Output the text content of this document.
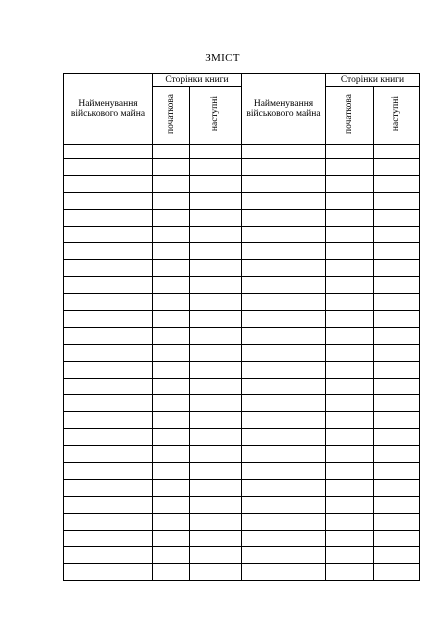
ЗМІСТ
Найменування військового майна	Сторінки книги		Найменування військового майна	Сторінки книги	
	початкова	наступні		початкова	наступні
